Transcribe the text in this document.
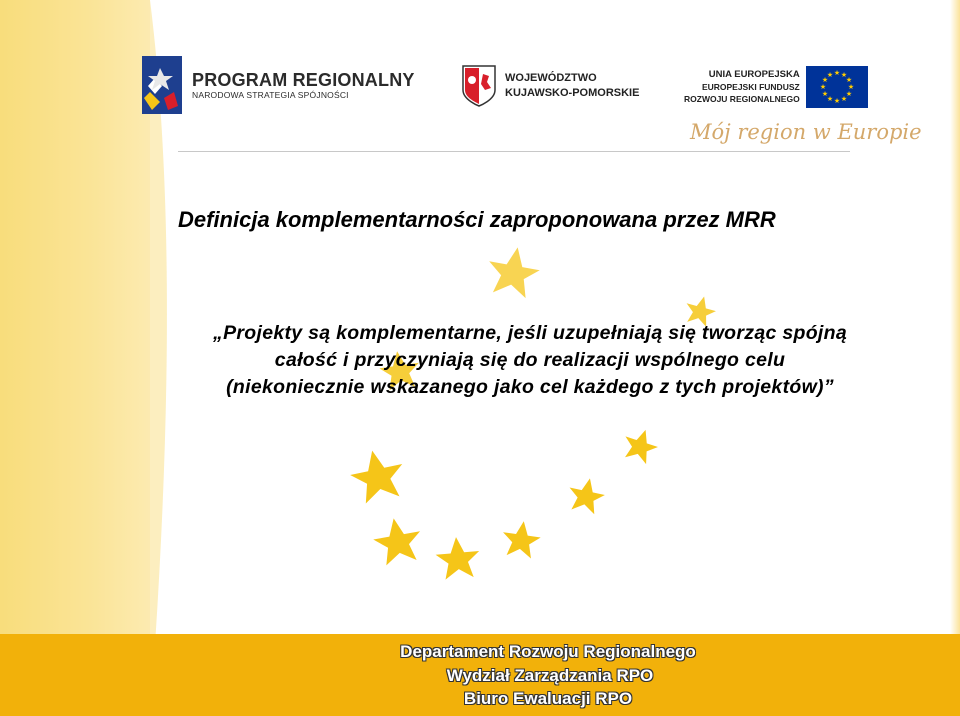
PROGRAM REGIONALNY
NARODOWA STRATEGIA SPÓJNOŚCI
WOJEWÓDZTWO
KUJAWSKO-POMORSKIE
UNIA EUROPEJSKA
EUROPEJSKI FUNDUSZ
ROZWOJU REGIONALNEGO
★ ★
★
★
★
★
★
★
★
★
★
★
Mój region w Europie
Definicja komplementarności zaproponowana przez MRR
„Projekty są komplementarne, jeśli uzupełniają się tworząc spójną
całość i przyczyniają się do realizacji wspólnego celu
(niekoniecznie wskazanego jako cel każdego z tych projektów)”
Departament Rozwoju Regionalnego
Wydział Zarządzania RPO
Biuro Ewaluacji RPO
